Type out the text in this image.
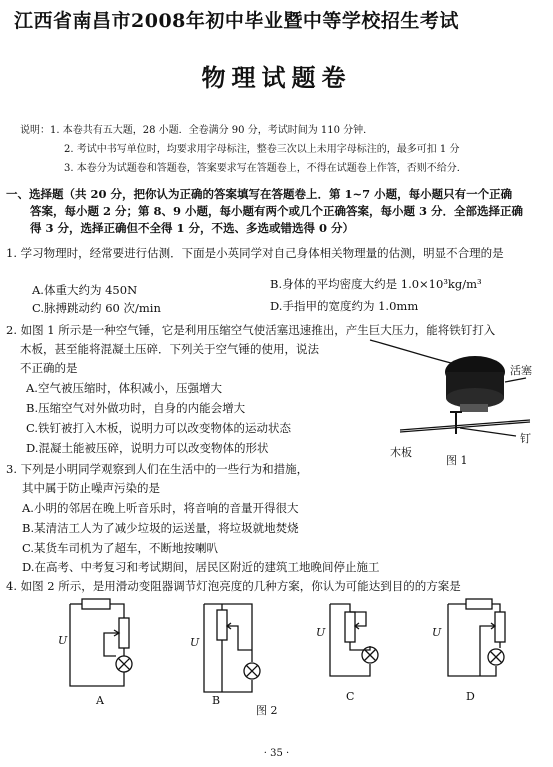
江西省南昌市2008年初中毕业暨中等学校招生考试
物理试题卷
说明：1. 本卷共有五大题，28 小题．全卷满分 90 分，考试时间为 110 分钟．
2. 考试中书写单位时，均要求用字母标注，整卷三次以上未用字母标注的，最多可扣 1 分
3. 本卷分为试题卷和答题卷，答案要求写在答题卷上，不得在试题卷上作答，否则不给分．
一、选择题（共 20 分，把你认为正确的答案填写在答题卷上．第 1~7 小题，每小题只有一个正确
答案，每小题 2 分；第 8、9 小题，每小题有两个或几个正确答案，每小题 3 分．全部选择正确
得 3 分，选择正确但不全得 1 分，不选、多选或错选得 0 分）
1. 学习物理时，经常要进行估测．下面是小英同学对自己身体相关物理量的估测，明显不合理的是
A.体重大约为 450N	B.身体的平均密度大约是 1.0×10³kg/m³
C.脉搏跳动约 60 次/min	D.手指甲的宽度约为 1.0mm
2. 如图 1 所示是一种空气锤，它是利用压缩空气使活塞迅速推出，产生巨大压力，能将铁钉打入
木板，甚至能将混凝土压碎．下列关于空气锤的使用，说法
不正确的是
A.空气被压缩时，体积减小，压强增大
B.压缩空气对外做功时，自身的内能会增大
C.铁钉被打入木板，说明力可以改变物体的运动状态
D.混凝土能被压碎，说明力可以改变物体的形状
活塞
钉
木板
图 1
3. 下列是小明同学观察到人们在生活中的一些行为和措施，
其中属于防止噪声污染的是
A.小明的邻居在晚上听音乐时，将音响的音量开得很大
B.某清洁工人为了减少垃圾的运送量，将垃圾就地焚烧
C.某货车司机为了超车，不断地按喇叭
D.在高考、中考复习和考试期间，居民区附近的建筑工地晚间停止施工
4. 如图 2 所示，是用滑动变阻器调节灯泡亮度的几种方案，你认为可能达到目的的方案是
U
A
U
B
U
C
U
D
图 2
· 35 ·
